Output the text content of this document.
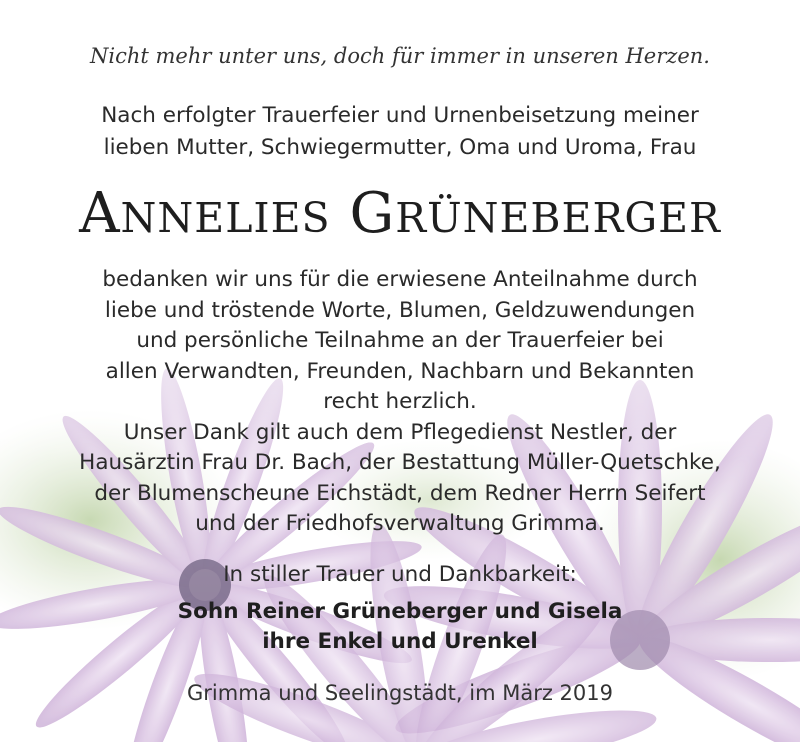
Nicht mehr unter uns, doch für immer in unseren Herzen.
Nach erfolgter Trauerfeier und Urnenbeisetzung meiner
lieben Mutter, Schwiegermutter, Oma und Uroma, Frau
ANNELIES GRÜNEBERGER
bedanken wir uns für die erwiesene Anteilnahme durch
liebe und tröstende Worte, Blumen, Geldzuwendungen
und persönliche Teilnahme an der Trauerfeier bei
allen Verwandten, Freunden, Nachbarn und Bekannten
recht herzlich.
Unser Dank gilt auch dem Pflegedienst Nestler, der
Hausärztin Frau Dr. Bach, der Bestattung Müller-Quetschke,
der Blumenscheune Eichstädt, dem Redner Herrn Seifert
und der Friedhofsverwaltung Grimma.
In stiller Trauer und Dankbarkeit:
Sohn Reiner Grüneberger und Gisela
ihre Enkel und Urenkel
Grimma und Seelingstädt, im März 2019
